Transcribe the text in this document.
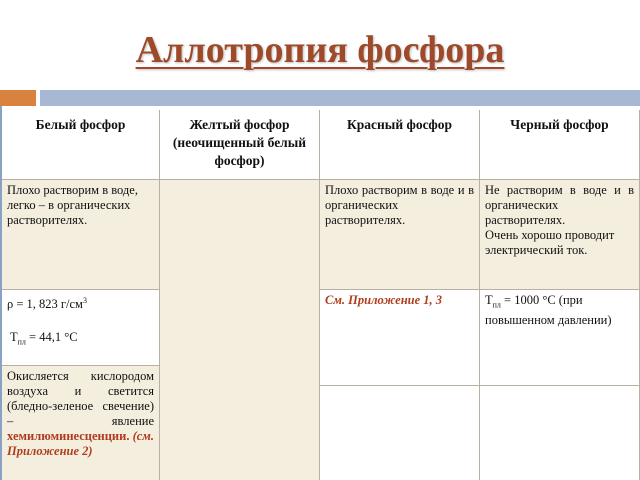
Аллотропия фосфора
Белый фосфор	Желтый фосфор (неочищенный белый фосфор)
Красный фосфор	Черный фосфор
Плохо растворим в воде, легко – в органических растворителях.
ρ = 1, 823 $г/см^3$
$T_{пл} = 44,1$ °С
Окисляется кислородом воздуха и светится (бледно-зеленое свечение) – явление хемилюминесценции. (см. Приложение 2)
Плохо растворим в воде и в органических растворителях.
См. Приложение 1, 3
Не растворим в воде и в органических растворителях.
Очень хорошо проводит электрический ток.
$T_{пл} = 1000$ °С (при повышенном давлении)
